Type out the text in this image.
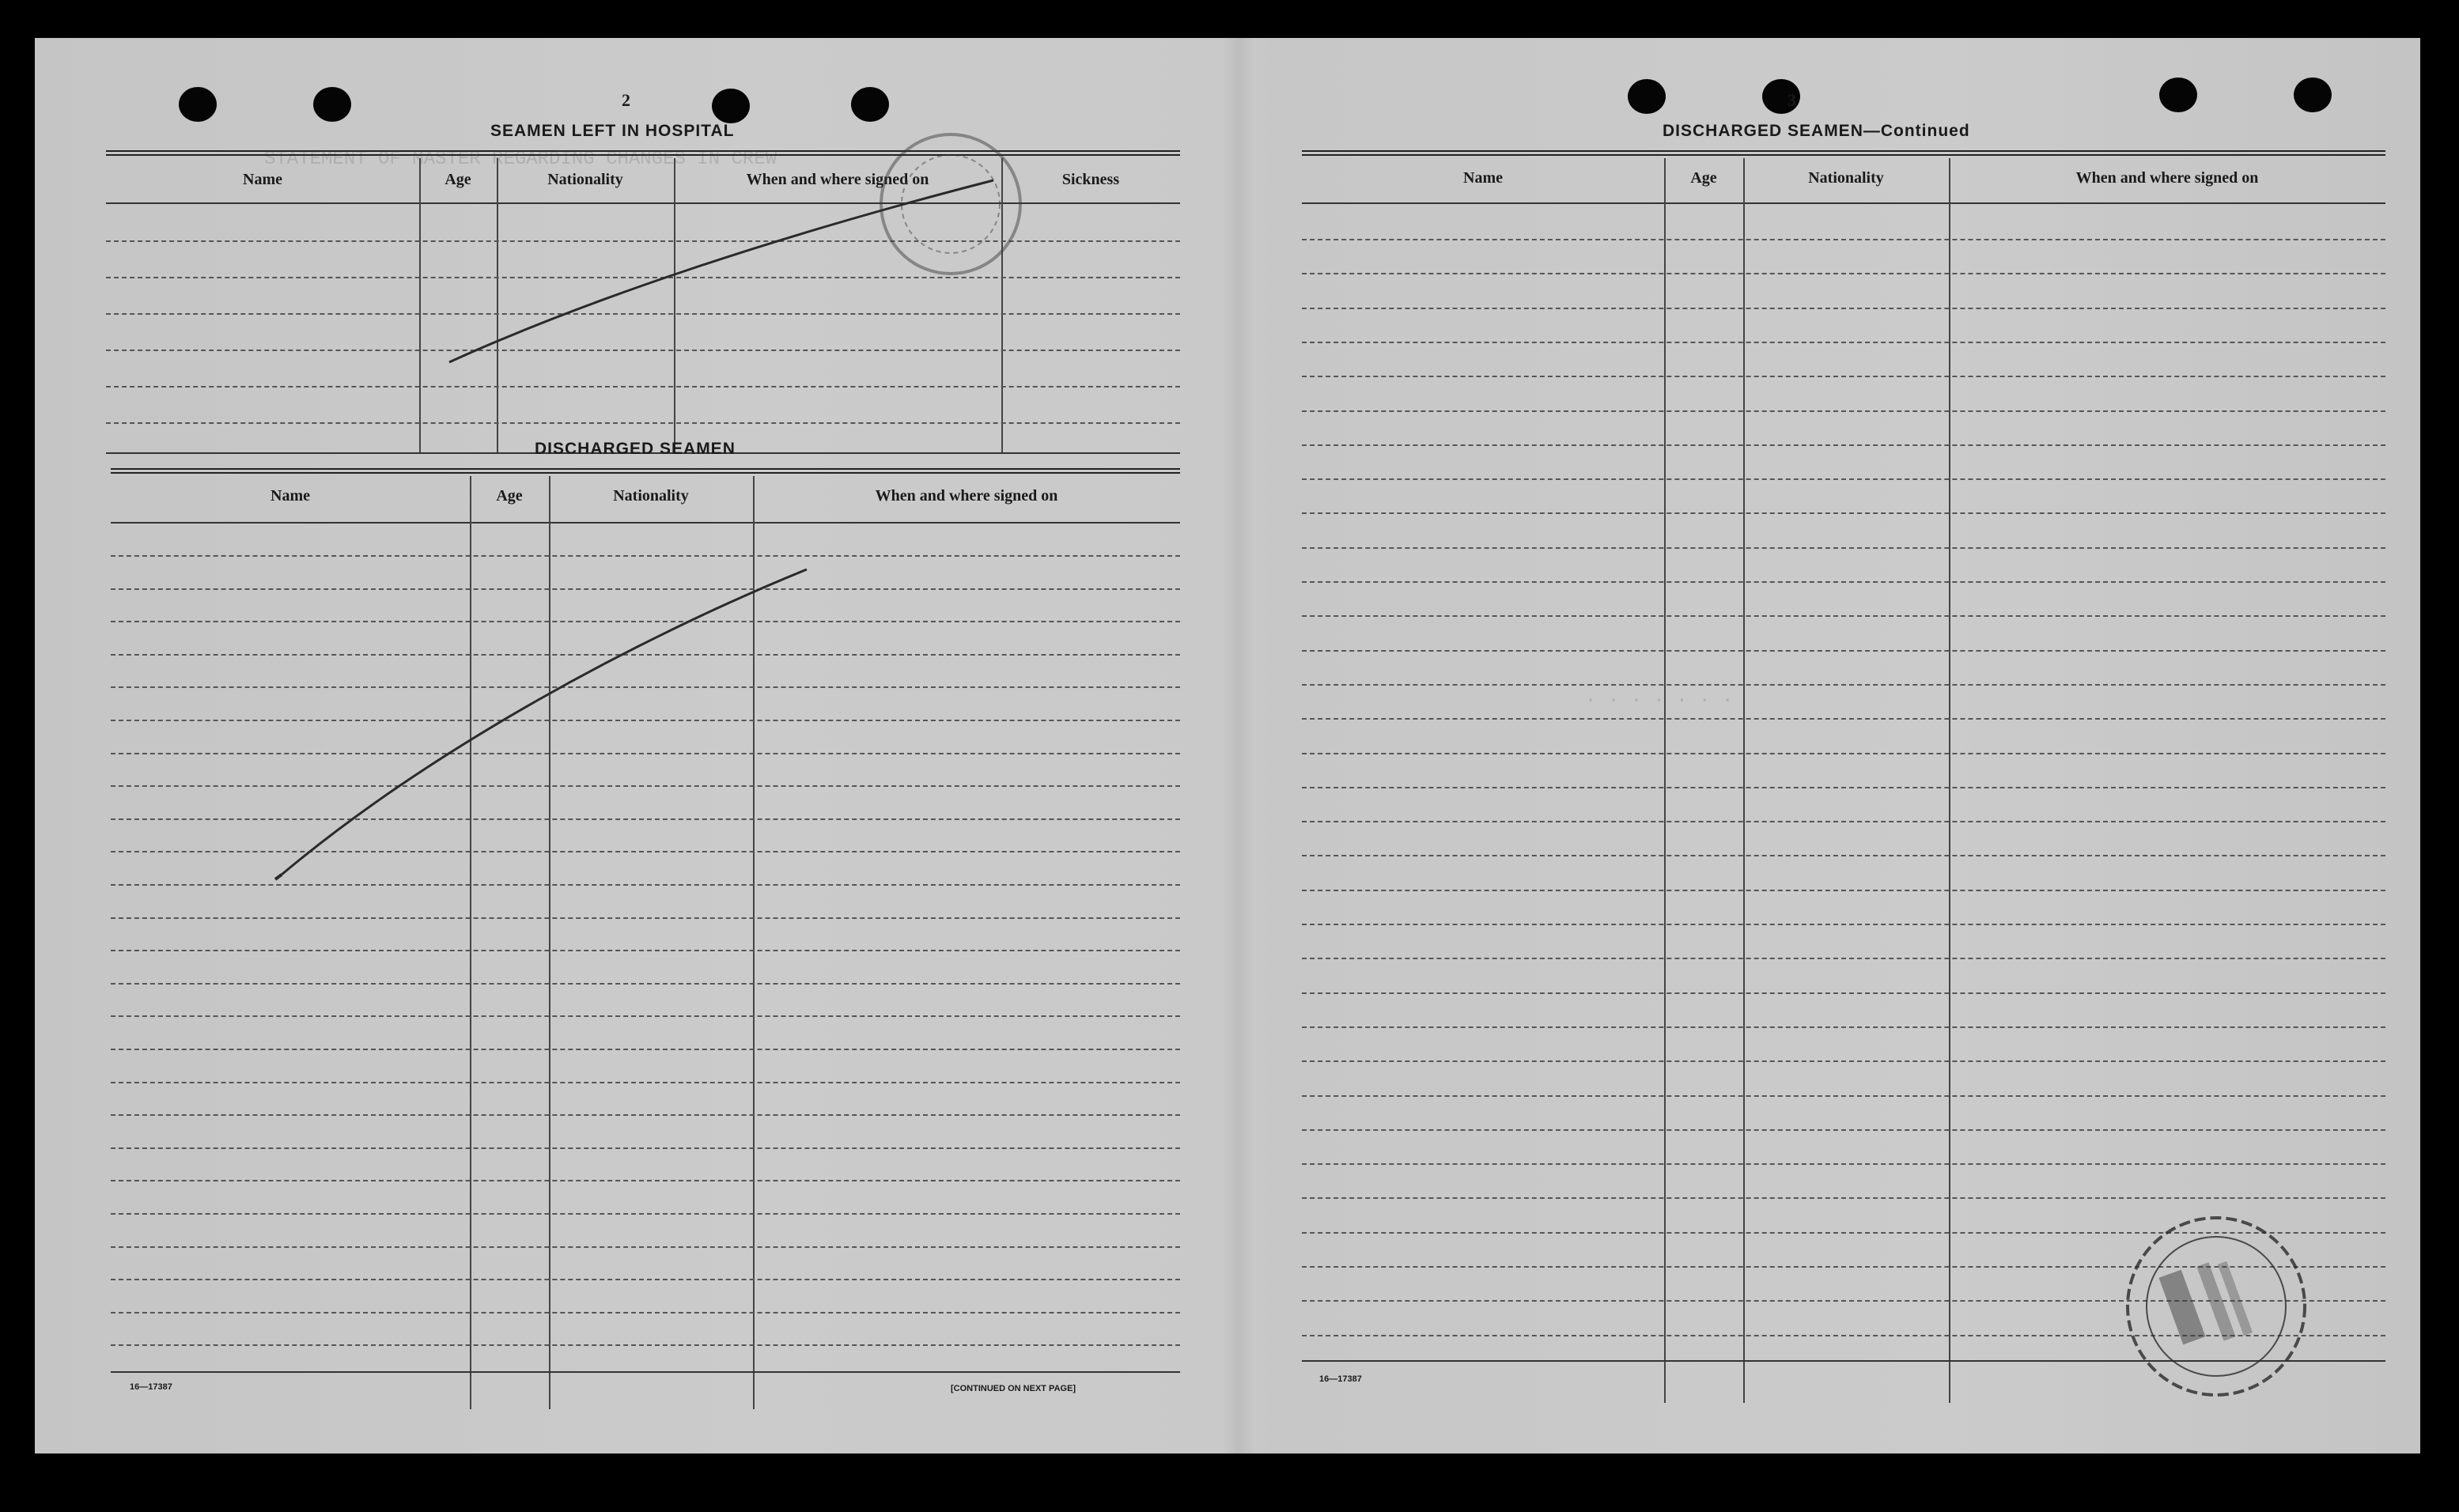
STATEMENT OF MASTER REGARDING CHANGES IN CREW
. . . . . . .
2
SEAMEN LEFT IN HOSPITAL
Name	Age	Nationality	When and where signed on	Sickness
DISCHARGED SEAMEN
Name	Age	Nationality	When and where signed on
16—17387	[CONTINUED ON NEXT PAGE]
3
DISCHARGED SEAMEN—Continued
Name	Age	Nationality	When and where signed on
16—17387
